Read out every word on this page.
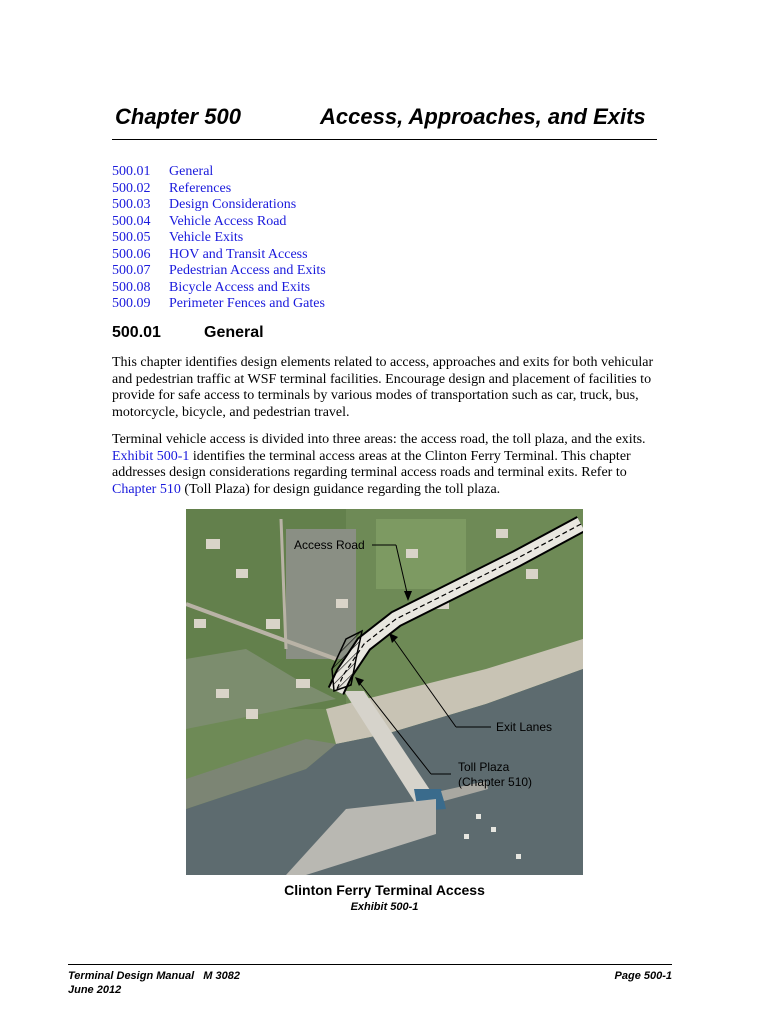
Chapter 500	Access, Approaches, and Exits
500.01 General
500.02 References
500.03 Design Considerations
500.04 Vehicle Access Road
500.05 Vehicle Exits
500.06 HOV and Transit Access
500.07 Pedestrian Access and Exits
500.08 Bicycle Access and Exits
500.09 Perimeter Fences and Gates
500.01	General

This chapter identifies design elements related to access, approaches and exits for both vehicular and pedestrian traffic at WSF terminal facilities. Encourage design and placement of facilities to provide for safe access to terminals by various modes of transportation such as car, truck, bus, motorcycle, bicycle, and pedestrian travel.

Terminal vehicle access is divided into three areas: the access road, the toll plaza, and the exits. Exhibit 500-1 identifies the terminal access areas at the Clinton Ferry Terminal. This chapter addresses design considerations regarding terminal access roads and terminal exits. Refer to Chapter 510 (Toll Plaza) for design guidance regarding the toll plaza.

Access Road
Exit Lanes
Toll Plaza
(Chapter 510)
Clinton Ferry Terminal Access
Exhibit 500-1
Terminal Design Manual   M 3082
June 2012
Page 500-1
